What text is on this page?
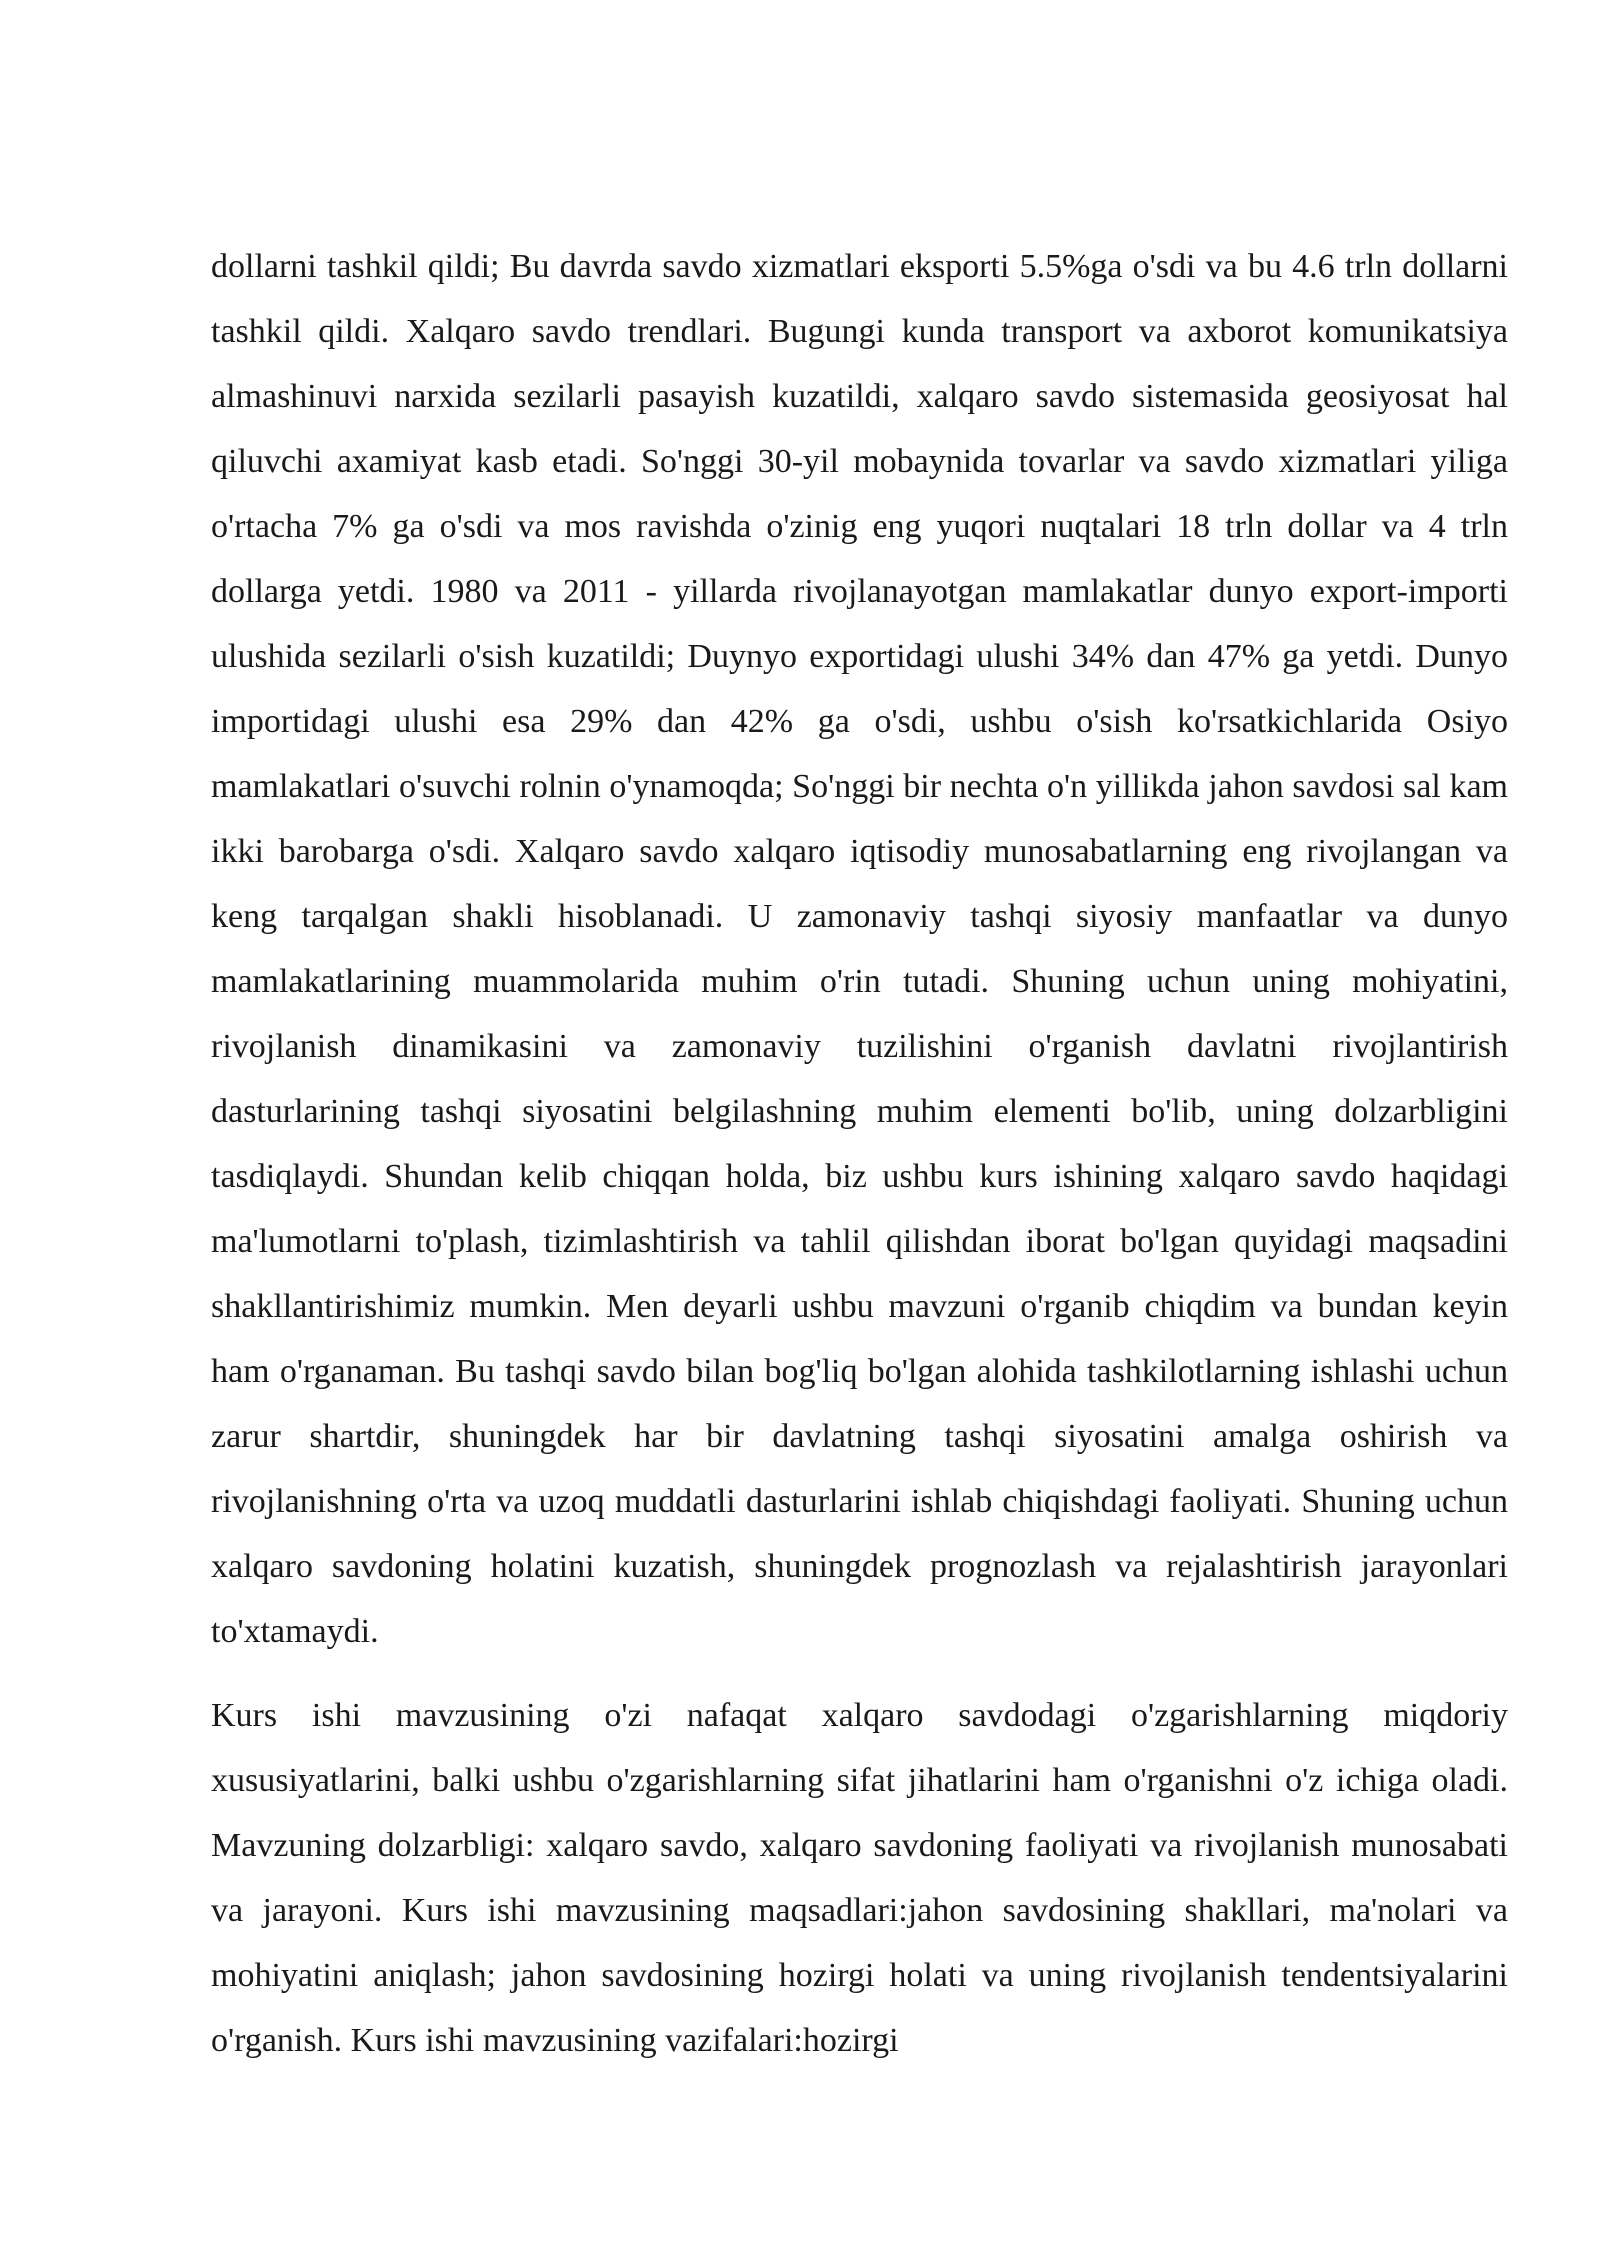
dollarni tashkil qildi; Bu davrda savdo xizmatlari eksporti 5.5%ga o'sdi va bu 4.6 trln dollarni tashkil qildi. Xalqaro savdo trendlari. Bugungi kunda transport va axborot komunikatsiya almashinuvi narxida sezilarli pasayish kuzatildi, xalqaro savdo sistemasida geosiyosat hal qiluvchi axamiyat kasb etadi. So'nggi 30-yil mobaynida tovarlar va savdo xizmatlari yiliga o'rtacha 7% ga o'sdi va mos ravishda o'zinig eng yuqori nuqtalari 18 trln dollar va 4 trln dollarga yetdi. 1980 va 2011 - yillarda rivojlanayotgan mamlakatlar dunyo export-importi ulushida sezilarli o'sish kuzatildi; Duynyo exportidagi ulushi 34% dan 47% ga yetdi. Dunyo importidagi ulushi esa 29% dan 42% ga o'sdi, ushbu o'sish ko'rsatkichlarida Osiyo mamlakatlari o'suvchi rolnin o'ynamoqda; So'nggi bir nechta o'n yillikda jahon savdosi sal kam ikki barobarga o'sdi. Xalqaro savdo xalqaro iqtisodiy munosabatlarning eng rivojlangan va keng tarqalgan shakli hisoblanadi. U zamonaviy tashqi siyosiy manfaatlar va dunyo mamlakatlarining muammolarida muhim o'rin tutadi. Shuning uchun uning mohiyatini, rivojlanish dinamikasini va zamonaviy tuzilishini o'rganish davlatni rivojlantirish dasturlarining tashqi siyosatini belgilashning muhim elementi bo'lib, uning dolzarbligini tasdiqlaydi. Shundan kelib chiqqan holda, biz ushbu kurs ishining xalqaro savdo haqidagi ma'lumotlarni to'plash, tizimlashtirish va tahlil qilishdan iborat bo'lgan quyidagi maqsadini shakllantirishimiz mumkin. Men deyarli ushbu mavzuni o'rganib chiqdim va bundan keyin ham o'rganaman. Bu tashqi savdo bilan bog'liq bo'lgan alohida tashkilotlarning ishlashi uchun zarur shartdir, shuningdek har bir davlatning tashqi siyosatini amalga oshirish va rivojlanishning o'rta va uzoq muddatli dasturlarini ishlab chiqishdagi faoliyati. Shuning uchun xalqaro savdoning holatini kuzatish, shuningdek prognozlash va rejalashtirish jarayonlari to'xtamaydi.

Kurs ishi mavzusining o'zi nafaqat xalqaro savdodagi o'zgarishlarning miqdoriy xususiyatlarini, balki ushbu o'zgarishlarning sifat jihatlarini ham o'rganishni o'z ichiga oladi. Mavzuning dolzarbligi: xalqaro savdo, xalqaro savdoning faoliyati va rivojlanish munosabati va jarayoni. Kurs ishi mavzusining maqsadlari:jahon savdosining shakllari, ma'nolari va mohiyatini aniqlash; jahon savdosining hozirgi holati va uning rivojlanish tendentsiyalarini o'rganish. Kurs ishi mavzusining vazifalari:hozirgi
